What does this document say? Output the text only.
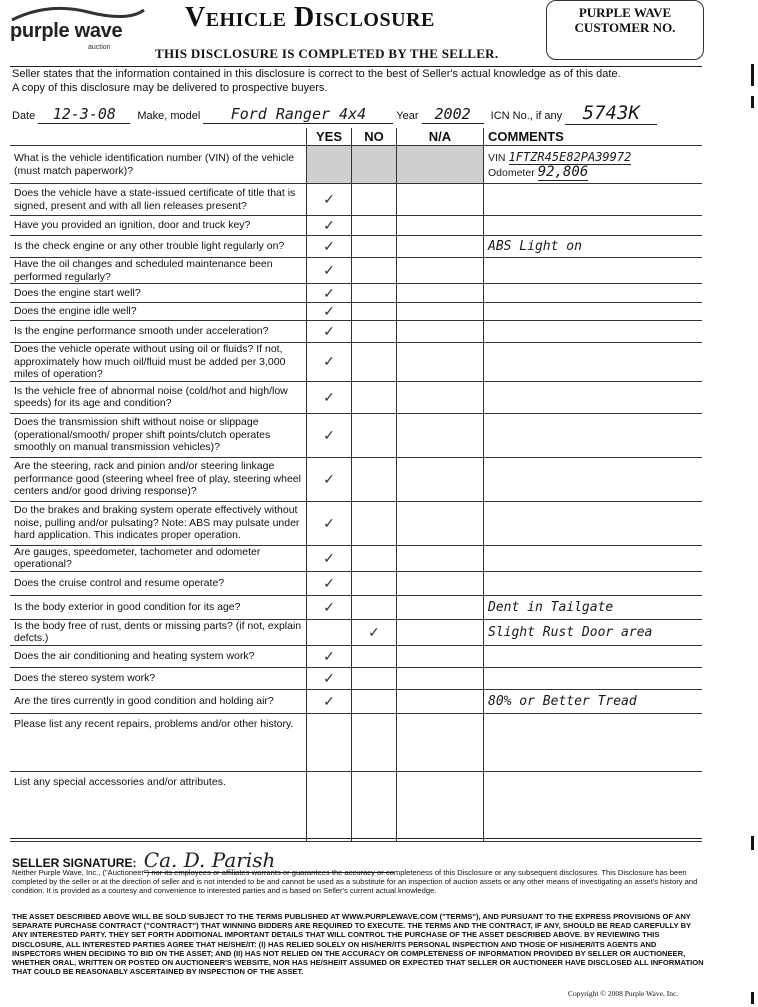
purple wave
auction
Vehicle Disclosure
THIS DISCLOSURE IS COMPLETED BY THE SELLER.
PURPLE WAVE
CUSTOMER NO.
Seller states that the information contained in this disclosure is correct to the best of Seller's actual knowledge as of this date.
A copy of this disclosure may be delivered to prospective buyers.
Date 12-3-08 Make, model Ford Ranger 4x4	Year 2002 ICN No., if any 5743K
	YES	NO	N/A	COMMENTS
What is the vehicle identification number (VIN) of the vehicle (must match paperwork)?				VIN 1FTZR45E82PA39972
Odometer 92,806

Does the vehicle have a state-issued certificate of title that is signed, present and with all lien releases present?	✓			
Have you provided an ignition, door and truck key?	✓			
Is the check engine or any other trouble light regularly on?	✓			ABS Light on
Have the oil changes and scheduled maintenance been performed regularly?	✓			
Does the engine start well?	✓			
Does the engine idle well?	✓			
Is the engine performance smooth under acceleration?	✓			
Does the vehicle operate without using oil or fluids? If not, approximately how much oil/fluid must be added per 3,000 miles of operation?	✓			
Is the vehicle free of abnormal noise (cold/hot and high/low speeds) for its age and condition?	✓			
Does the transmission shift without noise or slippage (operational/smooth/ proper shift points/clutch operates smoothly on manual transmission vehicles)?	✓			
Are the steering, rack and pinion and/or steering linkage performance good (steering wheel free of play, steering wheel centers and/or good driving response)?	✓			
Do the brakes and braking system operate effectively without noise, pulling and/or pulsating? Note: ABS may pulsate under hard application. This indicates proper operation.	✓			
Are gauges, speedometer, tachometer and odometer operational?	✓			
Does the cruise control and resume operate?	✓			
Is the body exterior in good condition for its age?	✓			Dent in Tailgate
Is the body free of rust, dents or missing parts? (if not, explain defcts.)		✓		Slight Rust Door area
Does the air conditioning and heating system work?	✓			
Does the stereo system work?	✓			
Are the tires currently in good condition and holding air?	✓			80% or Better Tread
Please list any recent repairs, problems and/or other history.				
List any special accessories and/or attributes.				
SELLER SIGNATURE: Ca. D. Parish
Neither Purple Wave, Inc., ("Auctioneer") nor its employees or affiliates warrants or guarantees the accuracy or completeness of this Disclosure or any subsequent disclosures. This Disclosure has been completed by the seller or at the direction of seller and is not intended to be and cannot be used as a substitute for an inspection of auction assets or any other means of investigating an asset's history and condition. It is provided as a courtesy and convenience to interested parties and is based on Seller's current actual knowledge.
THE ASSET DESCRIBED ABOVE WILL BE SOLD SUBJECT TO THE TERMS PUBLISHED AT WWW.PURPLEWAVE.COM ("TERMS"), AND PURSUANT TO THE EXPRESS PROVISIONS OF ANY SEPARATE PURCHASE CONTRACT ("CONTRACT") THAT WINNING BIDDERS ARE REQUIRED TO EXECUTE. THE TERMS AND THE CONTRACT, IF ANY, SHOULD BE READ CAREFULLY BY ANY INTERESTED PARTY. THEY SET FORTH ADDITIONAL IMPORTANT DETAILS THAT WILL CONTROL THE PURCHASE OF THE ASSET DESCRIBED ABOVE. BY REVIEWING THIS DISCLOSURE, ALL INTERESTED PARTIES AGREE THAT HE/SHE/IT: (I) HAS RELIED SOLELY ON HIS/HER/ITS PERSONAL INSPECTION AND THOSE OF HIS/HER/ITS AGENTS AND INSPECTORS WHEN DECIDING TO BID ON THE ASSET; AND (II) HAS NOT RELIED ON THE ACCURACY OR COMPLETENESS OF INFORMATION PROVIDED BY SELLER OR AUCTIONEER, WHETHER ORAL, WRITTEN OR POSTED ON AUCTIONEER'S WEBSITE, NOR HAS HE/SHE/IT ASSUMED OR EXPECTED THAT SELLER OR AUCTIONEER HAVE DISCLOSED ALL INFORMATION THAT COULD BE REASONABLY ASCERTAINED BY INSPECTION OF THE ASSET.
Copyright © 2008 Purple Wave, Inc.
